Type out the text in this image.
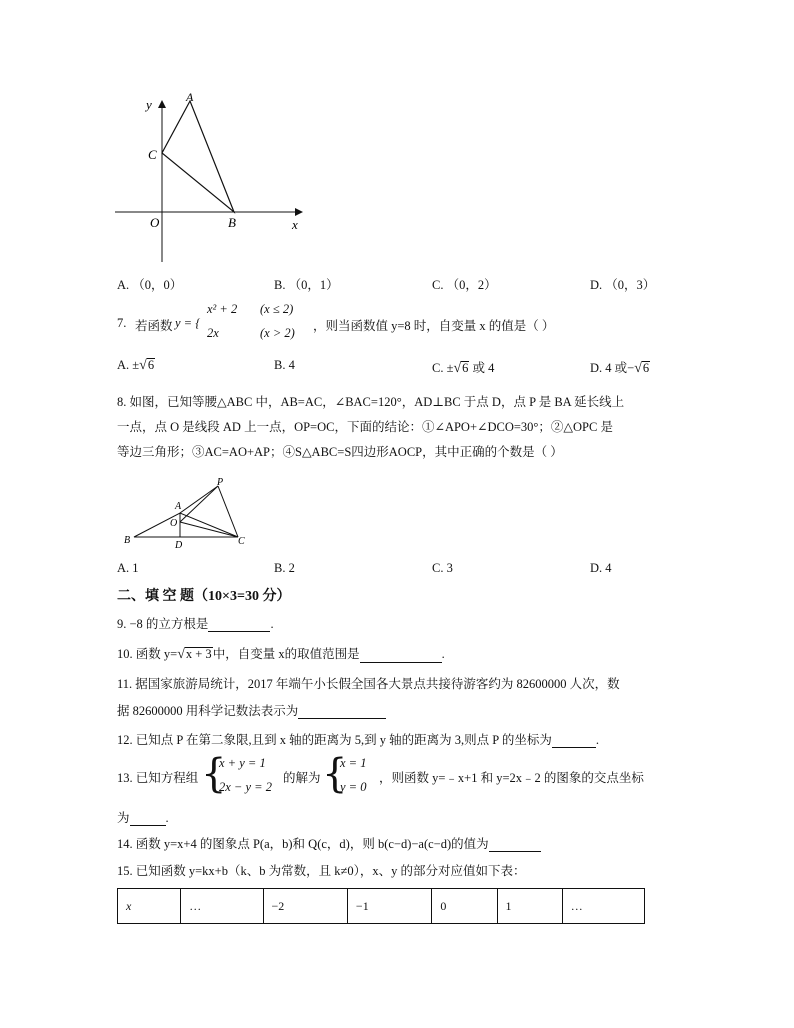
y	A
C
O	B	x
A. （0，0）	B. （0，1）	C. （0，2）	D. （0，3）
7. 若函数 y = {
x² + 2 (x ≤ 2)
2x	(x > 2) ，则当函数值 y=8 时，自变量 x 的值是（ ）
A. ±√6	B. 4	C. ±√6 或 4	D. 4 或−√6
8. 如图，已知等腰△ABC 中，AB=AC，∠BAC=120°，AD⊥BC 于点 D，点 P 是 BA 延长线上
一点，点 O 是线段 AD 上一点，OP=OC，下面的结论：①∠APO+∠DCO=30°；②△OPC 是
等边三角形；③AC=AO+AP；④S△ABC=S四边形AOCP，其中正确的个数是（ ）
P
A
O
B	D	C
A. 1	B. 2	C. 3	D. 4
二、填 空 题（10×3=30 分）
9. −8 的立方根是	.
10. 函数 y=√x + 3中，自变量 x的取值范围是	.
11. 据国家旅游局统计，2017 年端午小长假全国各大景点共接待游客约为 82600000 人次，数
据 82600000 用科学记数法表示为
12. 已知点 P 在第二象限,且到 x 轴的距离为 5,到 y 轴的距离为 3,则点 P 的坐标为	.
13. 已知方程组 {
x + y = 1
2x − y = 2
的解为 {
x = 1
y = 0
，则函数 y=﹣x+1 和 y=2x﹣2 的图象的交点坐标
为	.
14. 函数 y=x+4 的图象点 P(a，b)和 Q(c，d)，则 b(c−d)−a(c−d)的值为
15. 已知函数 y=kx+b（k、b 为常数，且 k≠0），x、y 的部分对应值如下表：
x	…	−2	−1	0	1	…
